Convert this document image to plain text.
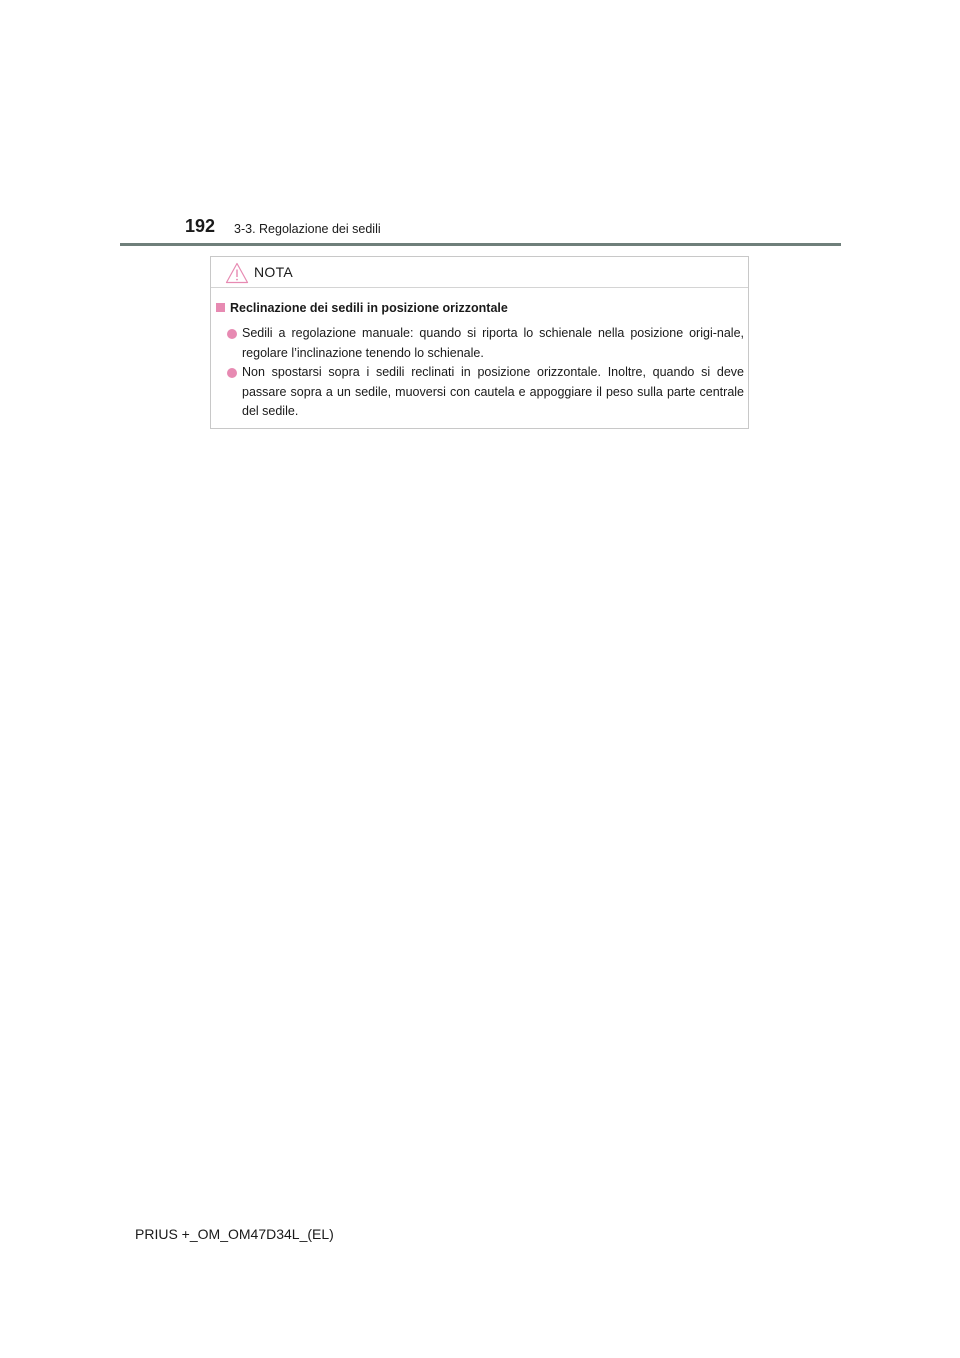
192 3-3. Regolazione dei sedili
NOTA
Reclinazione dei sedili in posizione orizzontale
Sedili a regolazione manuale: quando si riporta lo schienale nella posizione origi-nale, regolare l’inclinazione tenendo lo schienale.
Non spostarsi sopra i sedili reclinati in posizione orizzontale. Inoltre, quando si deve passare sopra a un sedile, muoversi con cautela e appoggiare il peso sulla parte centrale del sedile.
PRIUS +_OM_OM47D34L_(EL)
